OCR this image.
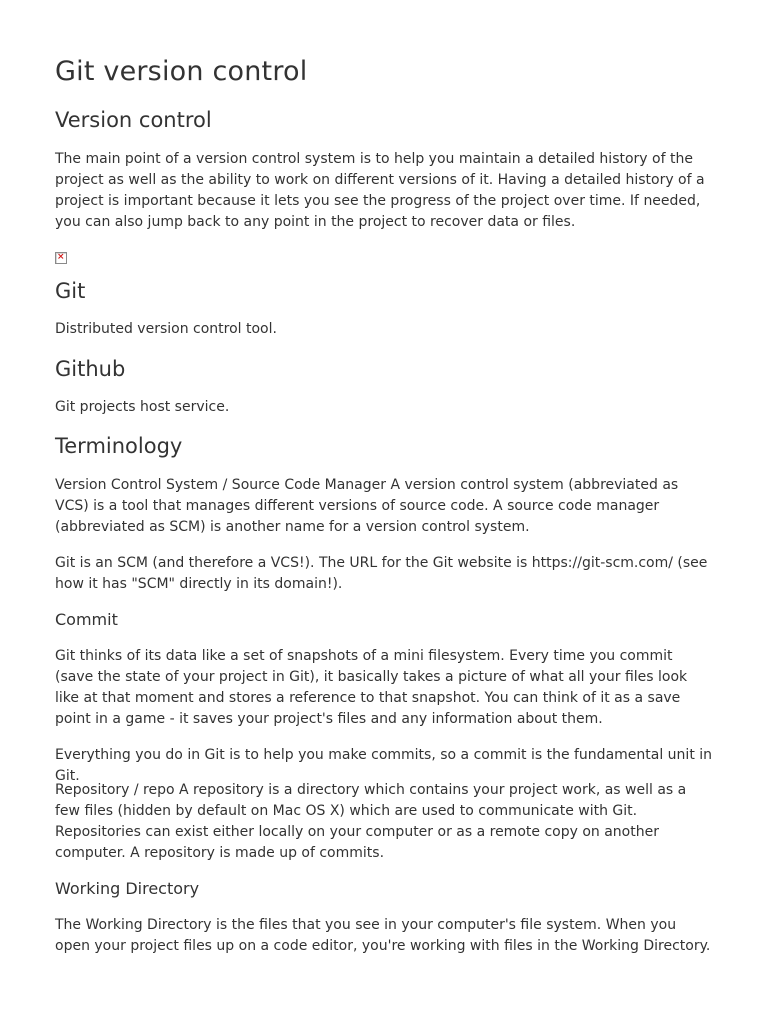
Git version control
Version control

The main point of a version control system is to help you maintain a detailed history of the project as well as the ability to work on different versions of it. Having a detailed history of a project is important because it lets you see the progress of the project over time. If needed, you can also jump back to any point in the project to recover data or files.

×
Git

Distributed version control tool.

Github

Git projects host service.

Terminology

Version Control System / Source Code Manager A version control system (abbreviated as VCS) is a tool that manages different versions of source code. A source code manager (abbreviated as SCM) is another name for a version control system.

Git is an SCM (and therefore a VCS!). The URL for the Git website is https://git-scm.com/ (see how it has "SCM" directly in its domain!).

Commit

Git thinks of its data like a set of snapshots of a mini filesystem. Every time you commit (save the state of your project in Git), it basically takes a picture of what all your files look like at that moment and stores a reference to that snapshot. You can think of it as a save point in a game - it saves your project's files and any information about them.

Everything you do in Git is to help you make commits, so a commit is the fundamental unit in Git.

Repository / repo A repository is a directory which contains your project work, as well as a few files (hidden by default on Mac OS X) which are used to communicate with Git. Repositories can exist either locally on your computer or as a remote copy on another computer. A repository is made up of commits.

Working Directory

The Working Directory is the files that you see in your computer's file system. When you open your project files up on a code editor, you're working with files in the Working Directory.
